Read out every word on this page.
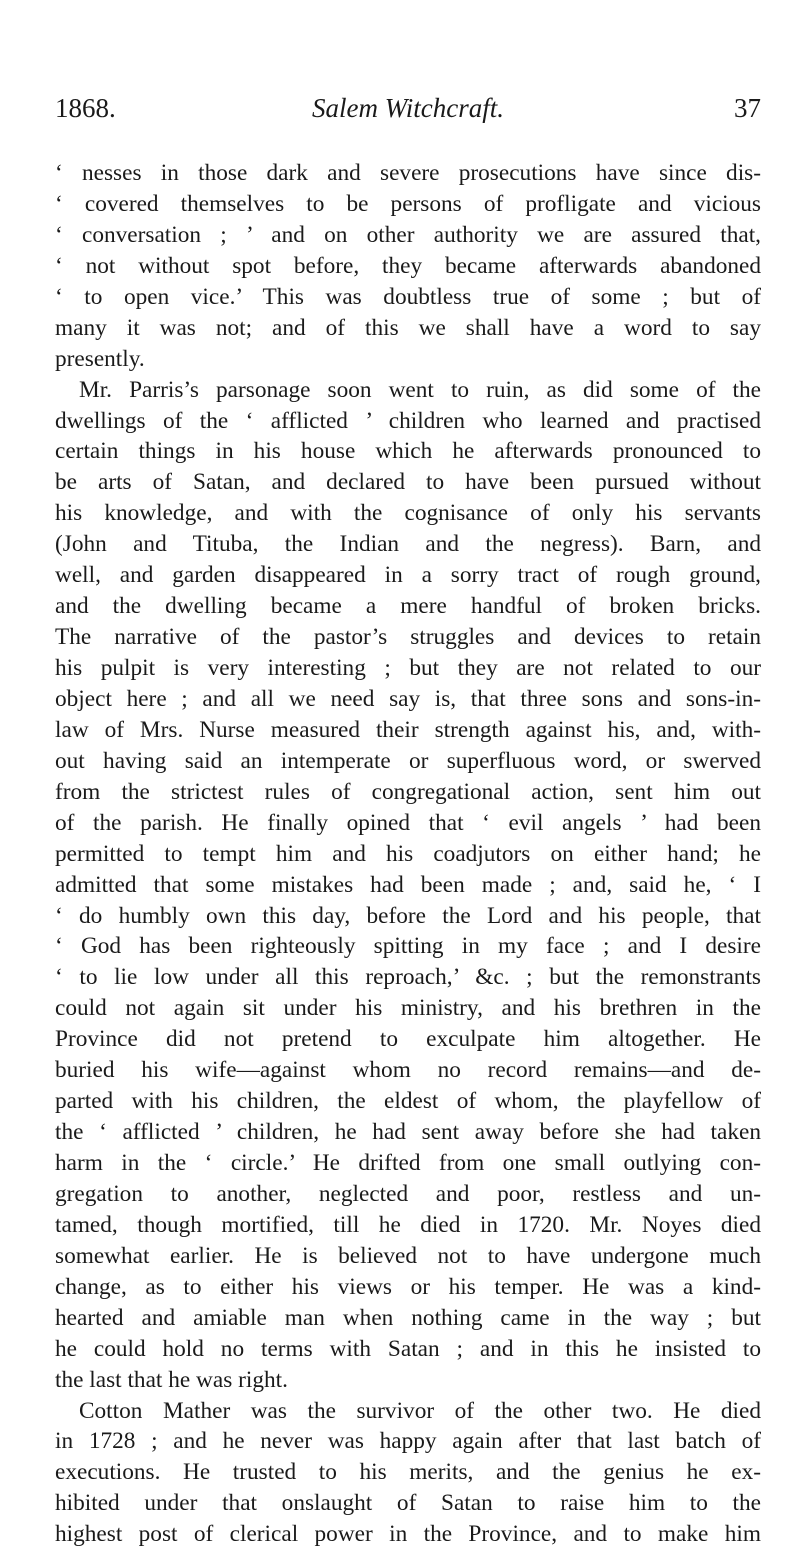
1868.	Salem Witchcraft.	37
‘ nesses in those dark and severe prosecutions have since dis-
‘ covered themselves to be persons of profligate and vicious
‘ conversation ; ’ and on other authority we are assured that,
‘ not without spot before, they became afterwards abandoned
‘ to open vice.’ This was doubtless true of some ; but of
many it was not; and of this we shall have a word to say
presently.
Mr. Parris’s parsonage soon went to ruin, as did some of the
dwellings of the ‘ afflicted ’ children who learned and practised
certain things in his house which he afterwards pronounced to
be arts of Satan, and declared to have been pursued without
his knowledge, and with the cognisance of only his servants
(John and Tituba, the Indian and the negress). Barn, and
well, and garden disappeared in a sorry tract of rough ground,
and the dwelling became a mere handful of broken bricks.
The narrative of the pastor’s struggles and devices to retain
his pulpit is very interesting ; but they are not related to our
object here ; and all we need say is, that three sons and sons-in-
law of Mrs. Nurse measured their strength against his, and, with-
out having said an intemperate or superfluous word, or swerved
from the strictest rules of congregational action, sent him out
of the parish. He finally opined that ‘ evil angels ’ had been
permitted to tempt him and his coadjutors on either hand; he
admitted that some mistakes had been made ; and, said he, ‘ I
‘ do humbly own this day, before the Lord and his people, that
‘ God has been righteously spitting in my face ; and I desire
‘ to lie low under all this reproach,’ &c. ; but the remonstrants
could not again sit under his ministry, and his brethren in the
Province did not pretend to exculpate him altogether. He
buried his wife—against whom no record remains—and de-
parted with his children, the eldest of whom, the playfellow of
the ‘ afflicted ’ children, he had sent away before she had taken
harm in the ‘ circle.’ He drifted from one small outlying con-
gregation to another, neglected and poor, restless and un-
tamed, though mortified, till he died in 1720. Mr. Noyes died
somewhat earlier. He is believed not to have undergone much
change, as to either his views or his temper. He was a kind-
hearted and amiable man when nothing came in the way ; but
he could hold no terms with Satan ; and in this he insisted to
the last that he was right.
Cotton Mather was the survivor of the other two. He died
in 1728 ; and he never was happy again after that last batch of
executions. He trusted to his merits, and the genius he ex-
hibited under that onslaught of Satan to raise him to the
highest post of clerical power in the Province, and to make him
